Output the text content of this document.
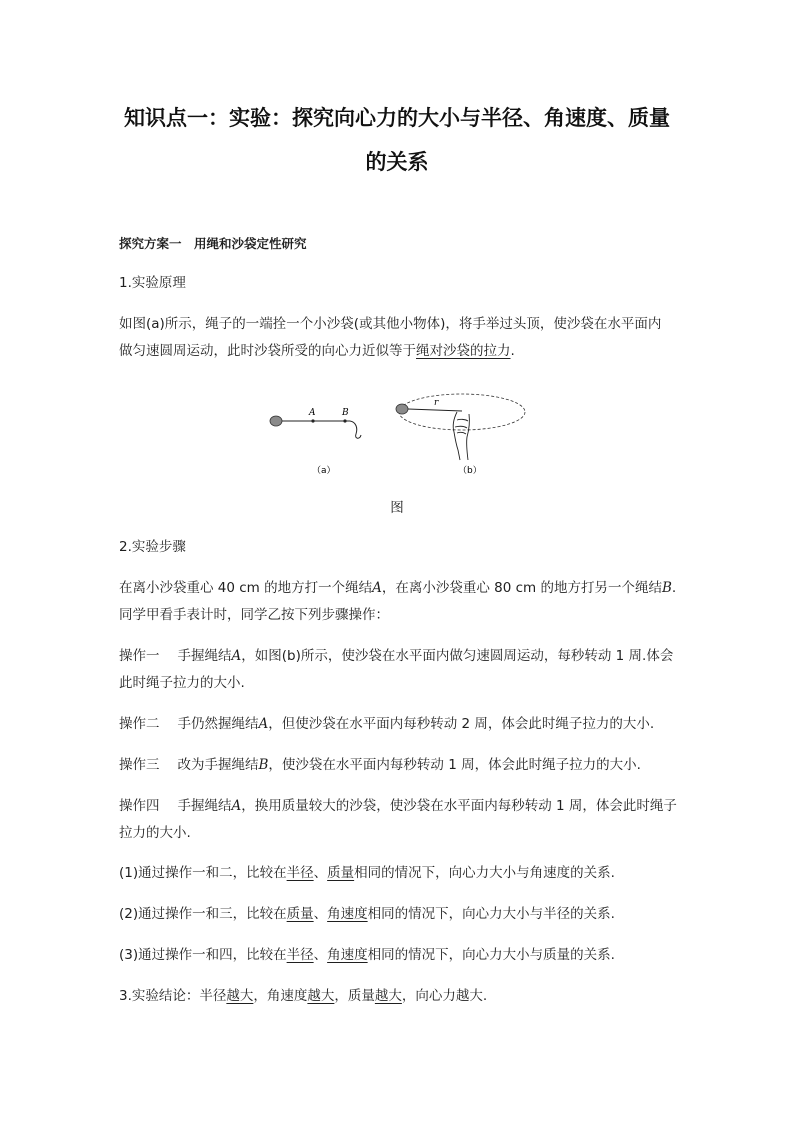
知识点一：实验：探究向心力的大小与半径、角速度、质量
的关系
探究方案一　用绳和沙袋定性研究
1.实验原理
如图(a)所示，绳子的一端拴一个小沙袋(或其他小物体)，将手举过头顶，使沙袋在水平面内
做匀速圆周运动，此时沙袋所受的向心力近似等于绳对沙袋的拉力.
A	B
（a）
r
（b）
图
2.实验步骤
在离小沙袋重心 40 cm 的地方打一个绳结A，在离小沙袋重心 80 cm 的地方打另一个绳结B.同学甲看手表计时，同学乙按下列步骤操作：
操作一 手握绳结A，如图(b)所示，使沙袋在水平面内做匀速圆周运动，每秒转动 1 周.体会此时绳子拉力的大小.
操作二 手仍然握绳结A，但使沙袋在水平面内每秒转动 2 周，体会此时绳子拉力的大小.
操作三 改为手握绳结B，使沙袋在水平面内每秒转动 1 周，体会此时绳子拉力的大小.
操作四 手握绳结A，换用质量较大的沙袋，使沙袋在水平面内每秒转动 1 周，体会此时绳子拉力的大小.
(1)通过操作一和二，比较在半径、质量相同的情况下，向心力大小与角速度的关系.
(2)通过操作一和三，比较在质量、角速度相同的情况下，向心力大小与半径的关系.
(3)通过操作一和四，比较在半径、角速度相同的情况下，向心力大小与质量的关系.
3.实验结论：半径越大，角速度越大，质量越大，向心力越大.
